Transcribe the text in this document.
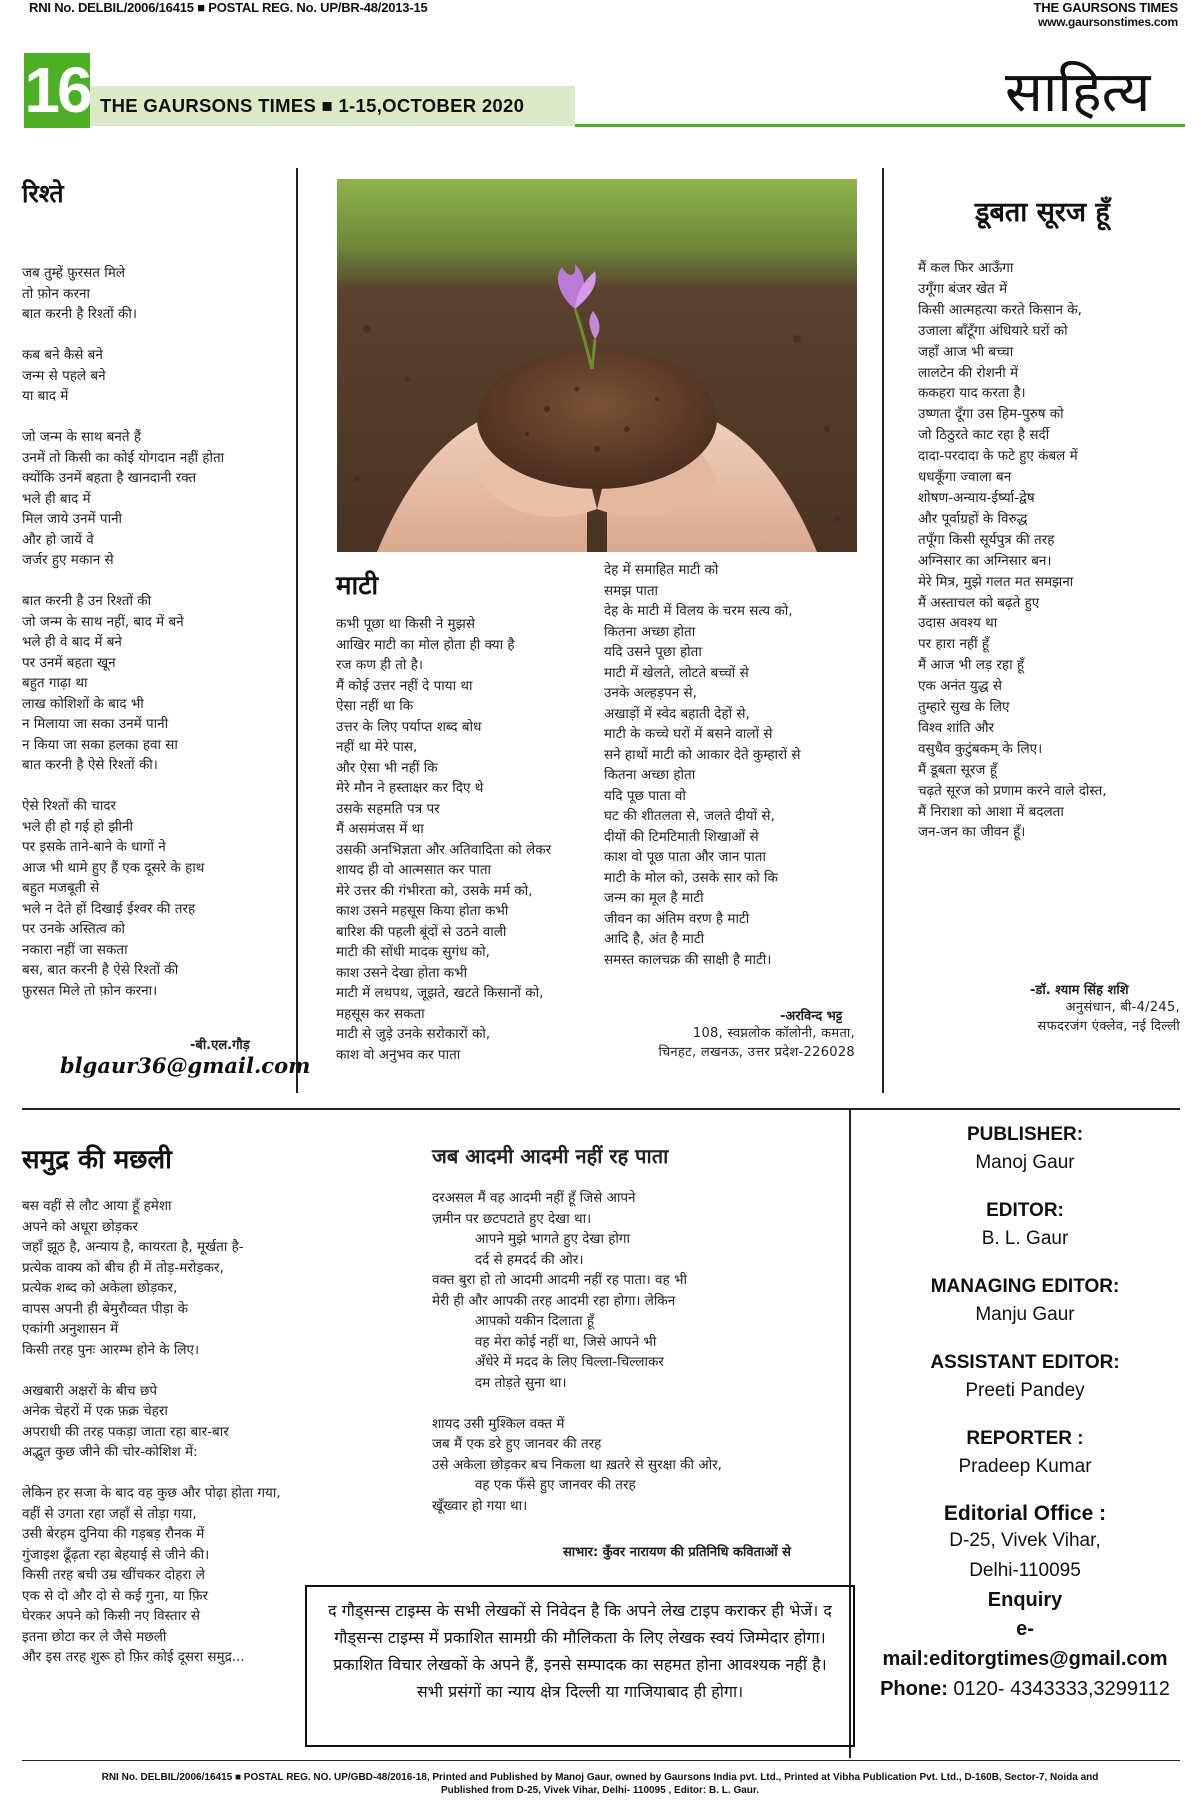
RNI No. DELBIL/2006/16415 ■ POSTAL REG. No. UP/BR-48/2013-15	THE GAURSONS TIMES
www.gaursonstimes.com
16 THE GAURSONS TIMES ■ 1-15,OCTOBER 2020	साहित्य
रिश्ते
जब तुम्हें फ़ुरसत मिले
तो फ़ोन करना
बात करनी है रिश्तों की।

कब बने कैसे बने
जन्म से पहले बने
या बाद में

जो जन्म के साथ बनते हैं
उनमें तो किसी का कोई योगदान नहीं होता
क्योंकि उनमें बहता है खानदानी रक्त
भले ही बाद में
मिल जाये उनमें पानी
और हो जायें वे
जर्जर हुए मकान से

बात करनी है उन रिश्तों की
जो जन्म के साथ नहीं, बाद में बने
भले ही वे बाद में बने
पर उनमें बहता खून
बहुत गाढ़ा था
लाख कोशिशों के बाद भी
न मिलाया जा सका उनमें पानी
न किया जा सका हलका हवा सा
बात करनी है ऐसे रिश्तों की।

ऐसे रिश्तों की चादर
भले ही हो गई हो झीनी
पर इसके ताने-बाने के धागों ने
आज भी थामे हुए हैं एक दूसरे के हाथ
बहुत मजबूती से
भले न देते हों दिखाई ईश्वर की तरह
पर उनके अस्तित्व को
नकारा नहीं जा सकता
बस, बात करनी है ऐसे रिश्तों की
फ़ुरसत मिले तो फ़ोन करना।
-बी.एल.गौड़
blgaur36@gmail.com
माटी
कभी पूछा था किसी ने मुझसे
आखिर माटी का मोल होता ही क्या है
रज कण ही तो है।
मैं कोई उत्तर नहीं दे पाया था
ऐसा नहीं था कि
उत्तर के लिए पर्याप्त शब्द बोध
नहीं था मेरे पास,
और ऐसा भी नहीं कि
मेरे मौन ने हस्ताक्षर कर दिए थे
उसके सहमति पत्र पर
मैं असमंजस में था
उसकी अनभिज्ञता और अतिवादिता को लेकर
शायद ही वो आत्मसात कर पाता
मेरे उत्तर की गंभीरता को, उसके मर्म को,
काश उसने महसूस किया होता कभी
बारिश की पहली बूंदों से उठने वाली
माटी की सोंधी मादक सुगंध को,
काश उसने देखा होता कभी
माटी में लथपथ, जूझते, खटते किसानों को,
महसूस कर सकता
माटी से जुड़े उनके सरोकारों को,
काश वो अनुभव कर पाता
देह में समाहित माटी को
समझ पाता
देह के माटी में विलय के चरम सत्य को,
कितना अच्छा होता
यदि उसने पूछा होता
माटी में खेलते, लोटते बच्चों से
उनके अल्हड़पन से,
अखाड़ों में स्वेद बहाती देहों से,
माटी के कच्चे घरों में बसने वालों से
सने हाथों माटी को आकार देते कुम्हारों से
कितना अच्छा होता
यदि पूछ पाता वो
घट की शीतलता से, जलते दीयों से,
दीयों की टिमटिमाती शिखाओं से
काश वो पूछ पाता और जान पाता
माटी के मोल को, उसके सार को कि
जन्म का मूल है माटी
जीवन का अंतिम वरण है माटी
आदि है, अंत है माटी
समस्त कालचक्र की साक्षी है माटी।
-अरविन्द भट्ट
108, स्वप्नलोक कॉलोनी, कमता,
चिनहट, लखनऊ, उत्तर प्रदेश-226028
डूबता सूरज हूँ
मैं कल फिर आऊँगा
उगूँगा बंजर खेत में
किसी आत्महत्या करते किसान के,
उजाला बाँटूँगा अंधियारे घरों को
जहाँ आज भी बच्चा
लालटेन की रोशनी में
ककहरा याद करता है।
उष्णता दूँगा उस हिम-पुरुष को
जो ठिठुरते काट रहा है सर्दी
दादा-परदादा के फटे हुए कंबल में
धधकूँगा ज्वाला बन
शोषण-अन्याय-ईर्ष्या-द्वेष
और पूर्वाग्रहों के विरुद्ध
तपूँगा किसी सूर्यपुत्र की तरह
अग्निसार का अग्निसार बन।
मेरे मित्र, मुझे गलत मत समझना
मैं अस्ताचल को बढ़ते हुए
उदास अवश्य था
पर हारा नहीं हूँ
मैं आज भी लड़ रहा हूँ
एक अनंत युद्ध से
तुम्हारे सुख के लिए
विश्व शांति और
वसुधैव कुटुंबकम् के लिए।
मैं डूबता सूरज हूँ
चढ़ते सूरज को प्रणाम करने वाले दोस्त,
मैं निराशा को आशा में बदलता
जन-जन का जीवन हूँ।
-डॉ. श्याम सिंह शशि
अनुसंधान, बी-4/245,
सफदरजंग एंक्लेव, नई दिल्ली
समुद्र की मछली
बस वहीं से लौट आया हूँ हमेशा
अपने को अधूरा छोड़कर
जहाँ झूठ है, अन्याय है, कायरता है, मूर्खता है-
प्रत्येक वाक्य को बीच ही में तोड़-मरोड़कर,
प्रत्येक शब्द को अकेला छोड़कर,
वापस अपनी ही बेमुरौव्वत पीड़ा के
एकांगी अनुशासन में
किसी तरह पुनः आरम्भ होने के लिए।

अखबारी अक्षरों के बीच छपे
अनेक चेहरों में एक फ़क्र चेहरा
अपराधी की तरह पकड़ा जाता रहा बार-बार
अद्भुत कुछ जीने की चोर-कोशिश में:

लेकिन हर सजा के बाद वह कुछ और पोढ़ा होता गया,
वहीं से उगता रहा जहाँ से तोड़ा गया,
उसी बेरहम दुनिया की गड़बड़ रौनक में
गुंजाइश ढूँढ़ता रहा बेहयाई से जीने की।
किसी तरह बची उम्र खींचकर दोहरा ले
एक से दो और दो से कई गुना, या फ़िर
घेरकर अपने को किसी नए विस्तार से
इतना छोटा कर ले जैसे मछली
और इस तरह शुरू हो फ़िर कोई दूसरा समुद्र...
जब आदमी आदमी नहीं रह पाता
दरअसल मैं वह आदमी नहीं हूँ जिसे आपने
ज़मीन पर छटपटाते हुए देखा था।
आपने मुझे भागते हुए देखा होगा
दर्द से हमदर्द की ओर।
वक्त बुरा हो तो आदमी आदमी नहीं रह पाता। वह भी
मेरी ही और आपकी तरह आदमी रहा होगा। लेकिन
आपको यकीन दिलाता हूँ
वह मेरा कोई नहीं था, जिसे आपने भी
अँधेरे में मदद के लिए चिल्ला-चिल्लाकर
दम तोड़ते सुना था।

शायद उसी मुश्किल वक्त में
जब मैं एक डरे हुए जानवर की तरह
उसे अकेला छोड़कर बच निकला था ख़तरे से सुरक्षा की ओर,
वह एक फँसे हुए जानवर की तरह
खूँख्वार हो गया था।
साभार: कुँवर नारायण की प्रतिनिधि कविताओं से
द गौड्सन्स टाइम्स के सभी लेखकों से निवेदन है कि अपने लेख टाइप कराकर ही भेजें। द गौड्सन्स टाइम्स में प्रकाशित सामग्री की मौलिकता के लिए लेखक स्वयं जिम्मेदार होगा। प्रकाशित विचार लेखकों के अपने हैं, इनसे सम्पादक का सहमत होना आवश्यक नहीं है। सभी प्रसंगों का न्याय क्षेत्र दिल्ली या गाजियाबाद ही होगा।
PUBLISHER:
Manoj Gaur
EDITOR:
B. L. Gaur
MANAGING EDITOR:
Manju Gaur
ASSISTANT EDITOR:
Preeti Pandey
REPORTER :
Pradeep Kumar
Editorial Office :
D-25, Vivek Vihar,
Delhi-110095
Enquiry
e-mail:editorgtimes@gmail.com
Phone: 0120- 4343333,3299112
RNI No. DELBIL/2006/16415 ■ POSTAL REG. NO. UP/GBD-48/2016-18, Printed and Published by Manoj Gaur, owned by Gaursons India pvt. Ltd., Printed at Vibha Publication Pvt. Ltd., D-160B, Sector-7, Noida and
Published from D-25, Vivek Vihar, Delhi- 110095 , Editor: B. L. Gaur.
